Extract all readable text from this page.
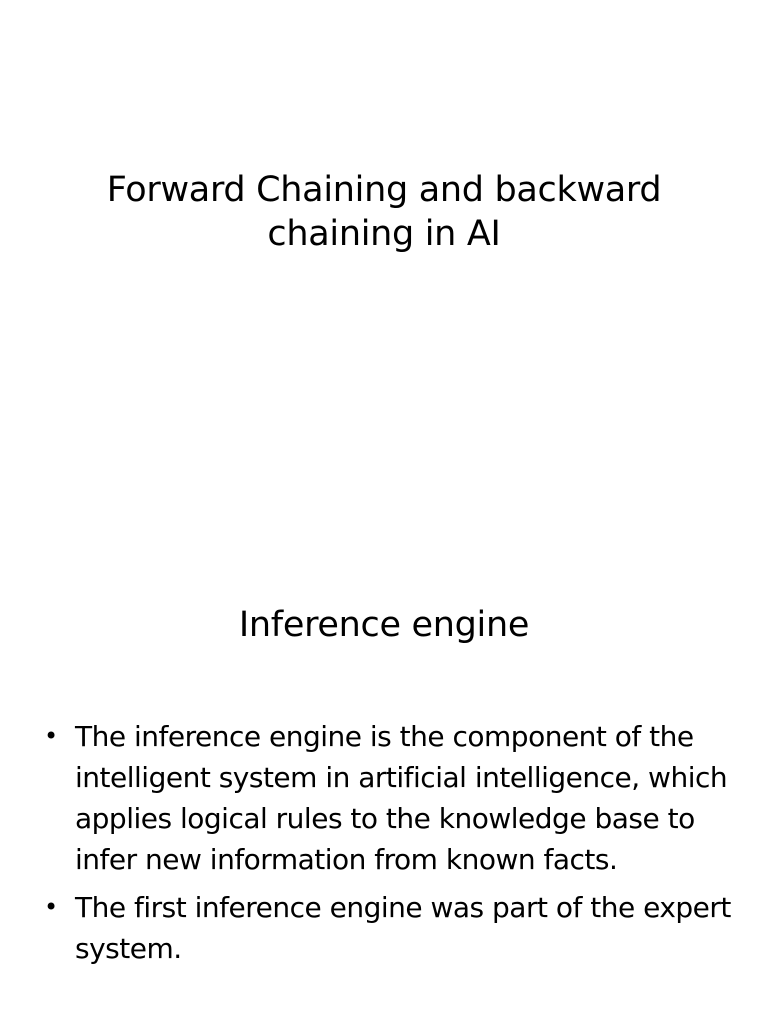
Forward Chaining and backward chaining in AI
Inference engine
• The inference engine is the component of the intelligent system in artificial intelligence, which applies logical rules to the knowledge base to infer new information from known facts.
• The first inference engine was part of the expert system.
